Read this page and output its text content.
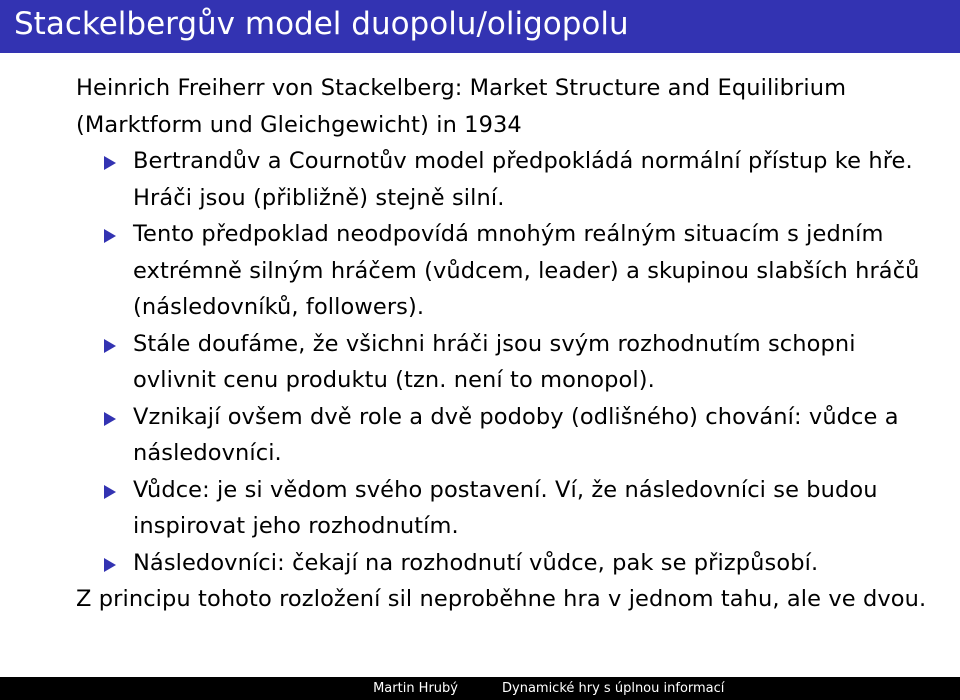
Stackelbergův model duopolu/oligopolu

Heinrich Freiherr von Stackelberg: Market Structure and Equilibrium (Marktform und Gleichgewicht) in 1934

Bertrandův a Cournotův model předpokládá normální přístup ke hře. Hráči jsou (přibližně) stejně silní.
Tento předpoklad neodpovídá mnohým reálným situacím s jedním extrémně silným hráčem (vůdcem, leader) a skupinou slabších hráčů (následovníků, followers).
Stále doufáme, že všichni hráči jsou svým rozhodnutím schopni ovlivnit cenu produktu (tzn. není to monopol).
Vznikají ovšem dvě role a dvě podoby (odlišného) chování: vůdce a následovníci.
Vůdce: je si vědom svého postavení. Ví, že následovníci se budou inspirovat jeho rozhodnutím.
Následovníci: čekají na rozhodnutí vůdce, pak se přizpůsobí.

Z principu tohoto rozložení sil neproběhne hra v jednom tahu, ale ve dvou.

Martin Hrubý	Dynamické hry s úplnou informací
